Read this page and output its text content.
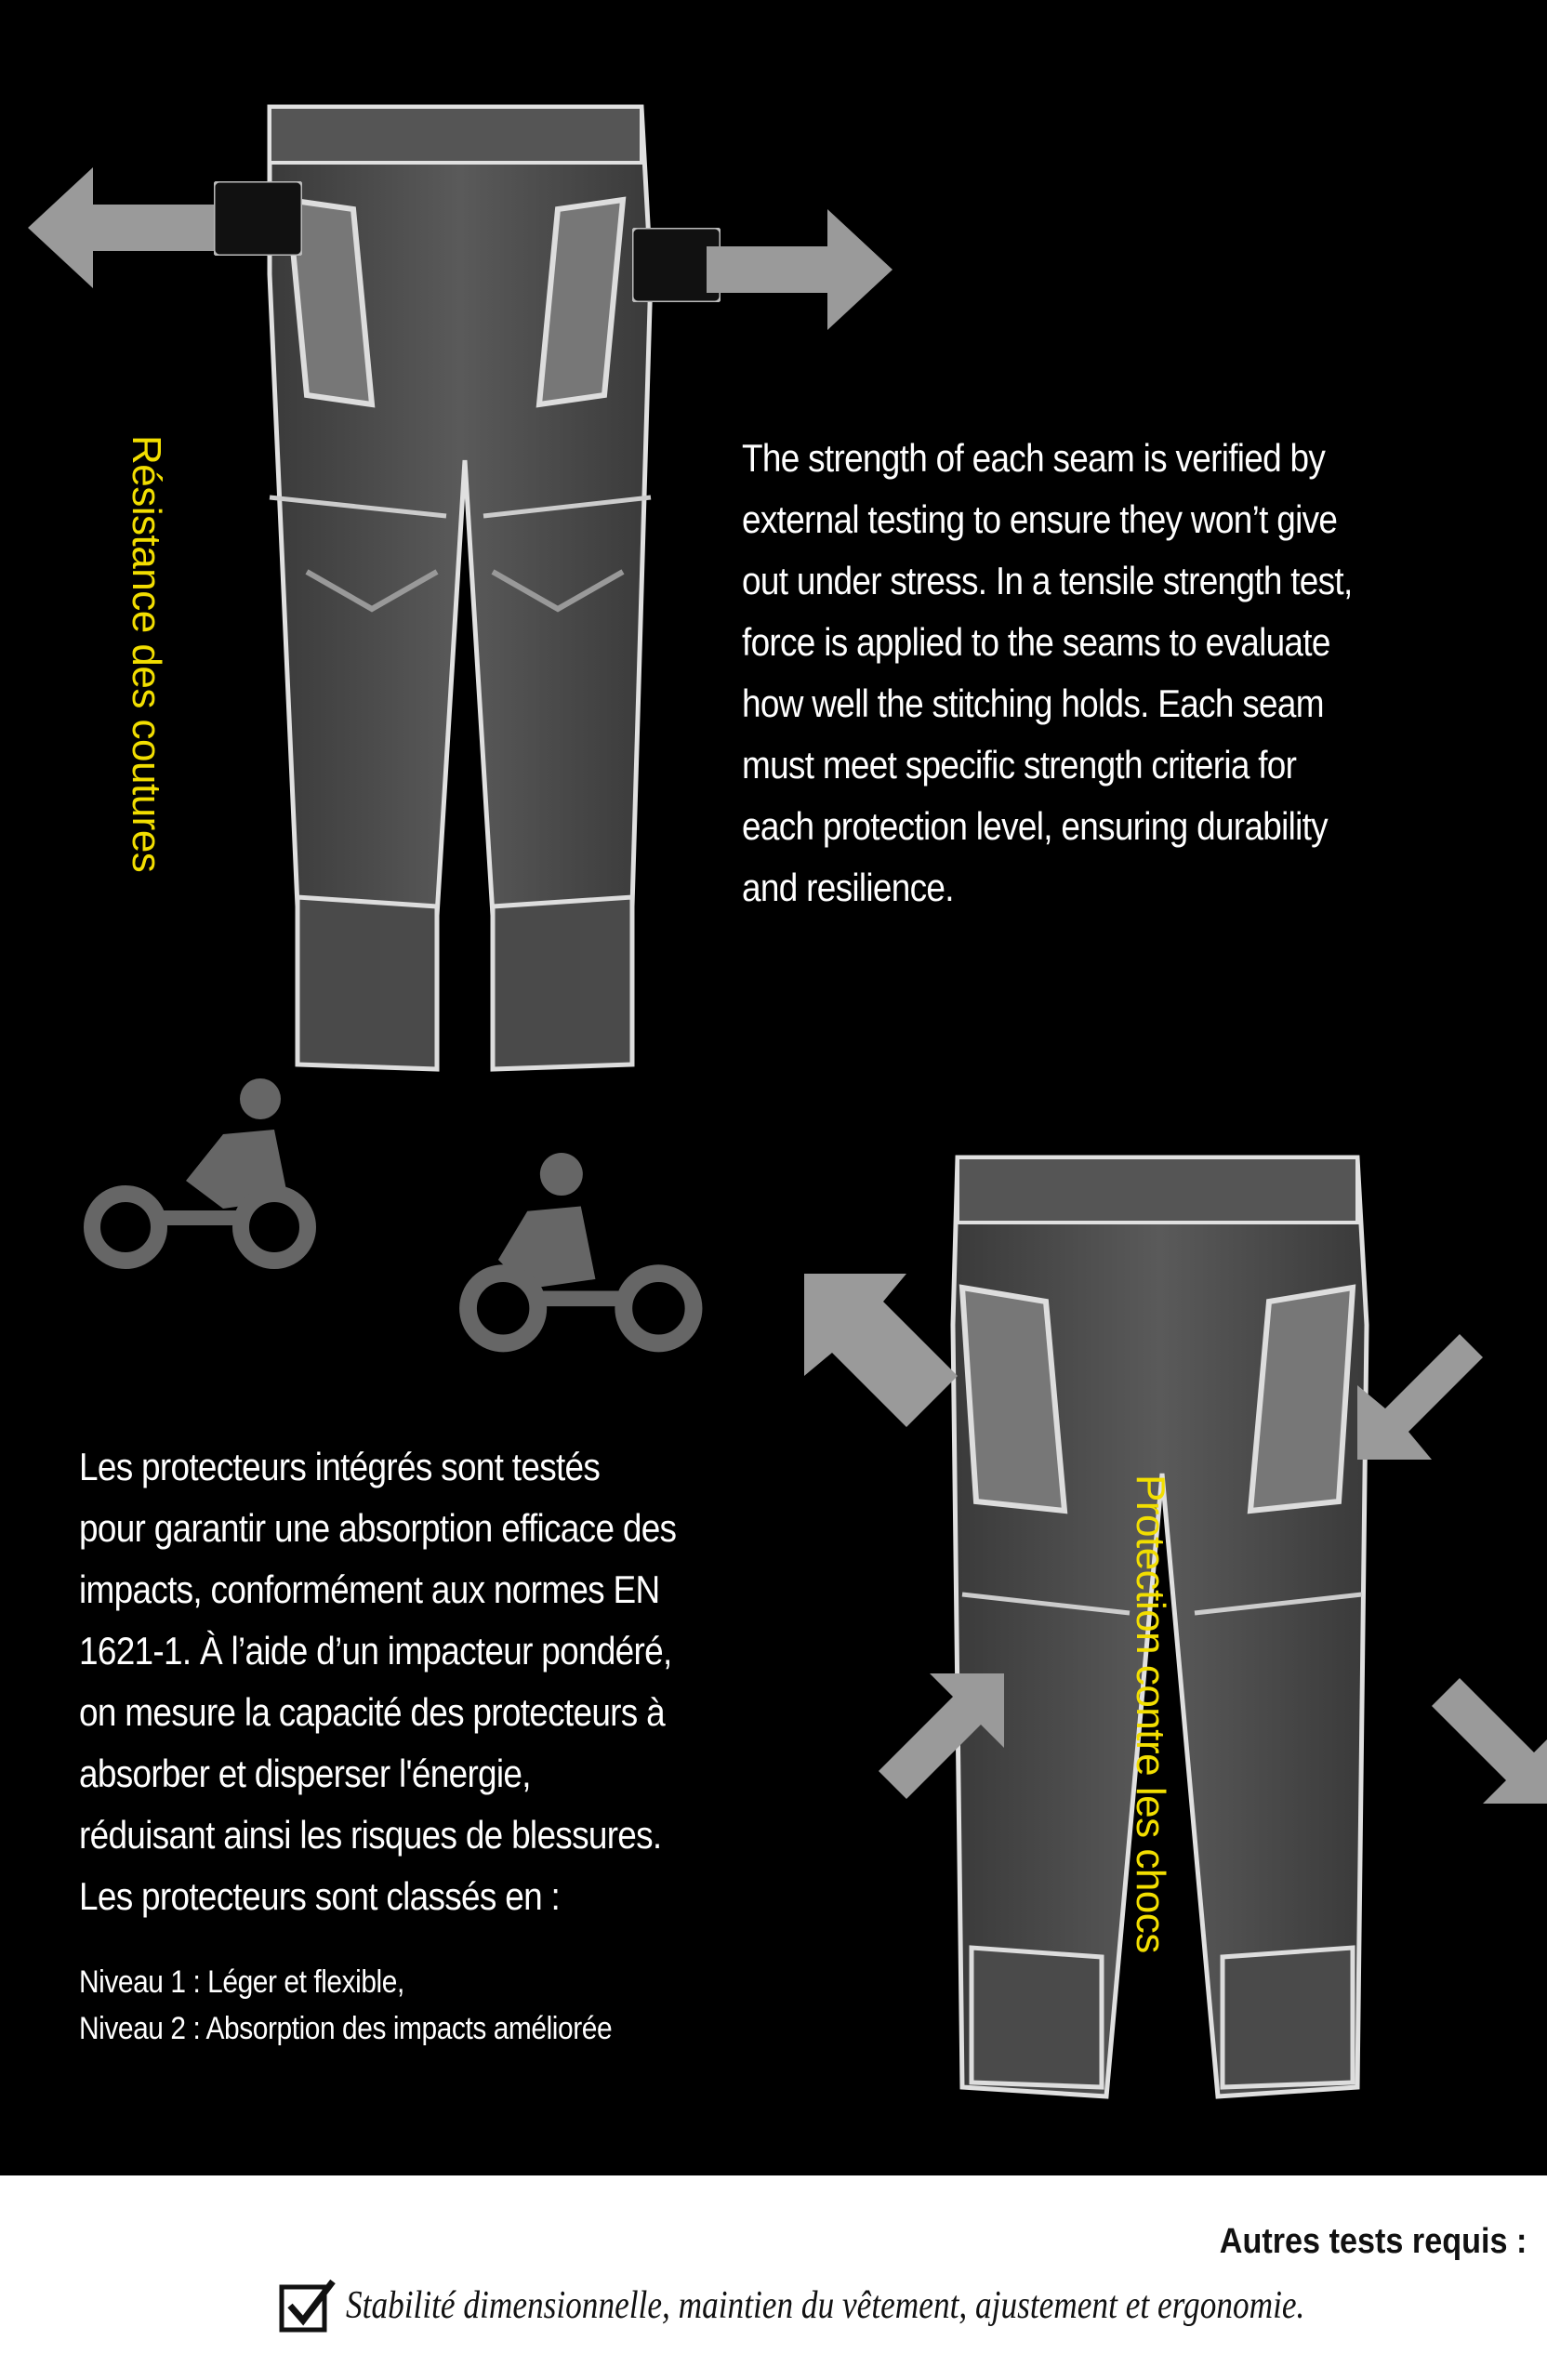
Résistance des coutures
Protection contre les chocs
The strength of each seam is verified by
external testing to ensure they won’t give
out under stress. In a tensile strength test,
force is applied to the seams to evaluate
how well the stitching holds. Each seam
must meet specific strength criteria for
each protection level, ensuring durability
and resilience.
Les protecteurs intégrés sont testés
pour garantir une absorption efficace des
impacts, conformément aux normes EN
1621-1. À l’aide d’un impacteur pondéré,
on mesure la capacité des protecteurs à
absorber et disperser l'énergie,
réduisant ainsi les risques de blessures.
Les protecteurs sont classés en :
Niveau 1 : Léger et flexible,
Niveau 2 : Absorption des impacts améliorée
Autres tests requis :
Stabilité dimensionnelle, maintien du vêtement, ajustement et ergonomie.
